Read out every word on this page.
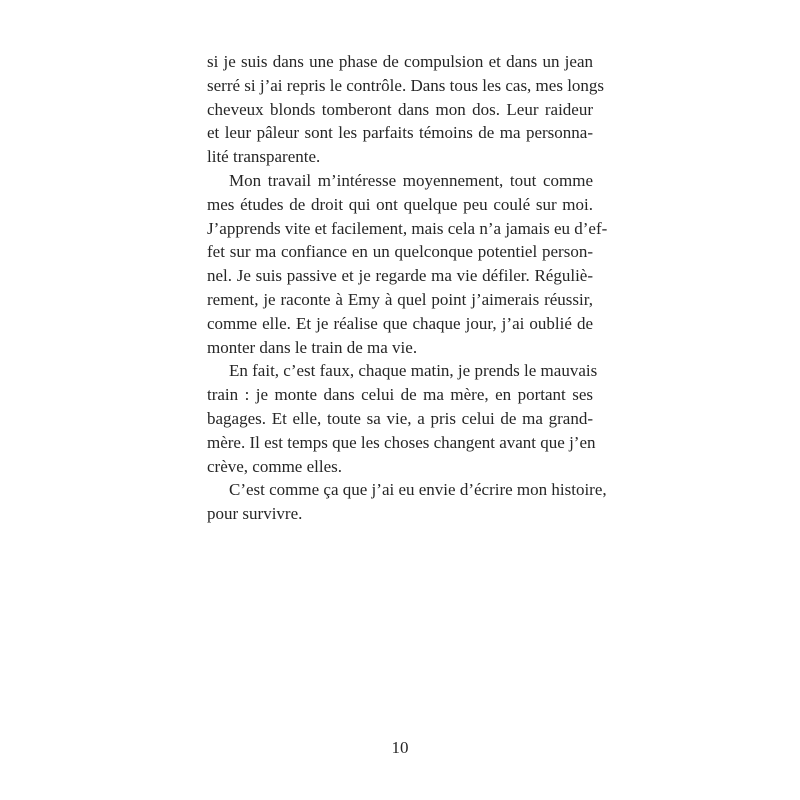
si je suis dans une phase de compulsion et dans un jean
serré si j’ai repris le contrôle. Dans tous les cas, mes longs
cheveux blonds tomberont dans mon dos. Leur raideur
et leur pâleur sont les parfaits témoins de ma personna-
lité transparente.
Mon travail m’intéresse moyennement, tout comme
mes études de droit qui ont quelque peu coulé sur moi.
J’apprends vite et facilement, mais cela n’a jamais eu d’ef-
fet sur ma confiance en un quelconque potentiel person-
nel. Je suis passive et je regarde ma vie défiler. Réguliè-
rement, je raconte à Emy à quel point j’aimerais réussir,
comme elle. Et je réalise que chaque jour, j’ai oublié de
monter dans le train de ma vie.
En fait, c’est faux, chaque matin, je prends le mauvais
train : je monte dans celui de ma mère, en portant ses
bagages. Et elle, toute sa vie, a pris celui de ma grand-
mère. Il est temps que les choses changent avant que j’en
crève, comme elles.
C’est comme ça que j’ai eu envie d’écrire mon histoire,
pour survivre.
10
